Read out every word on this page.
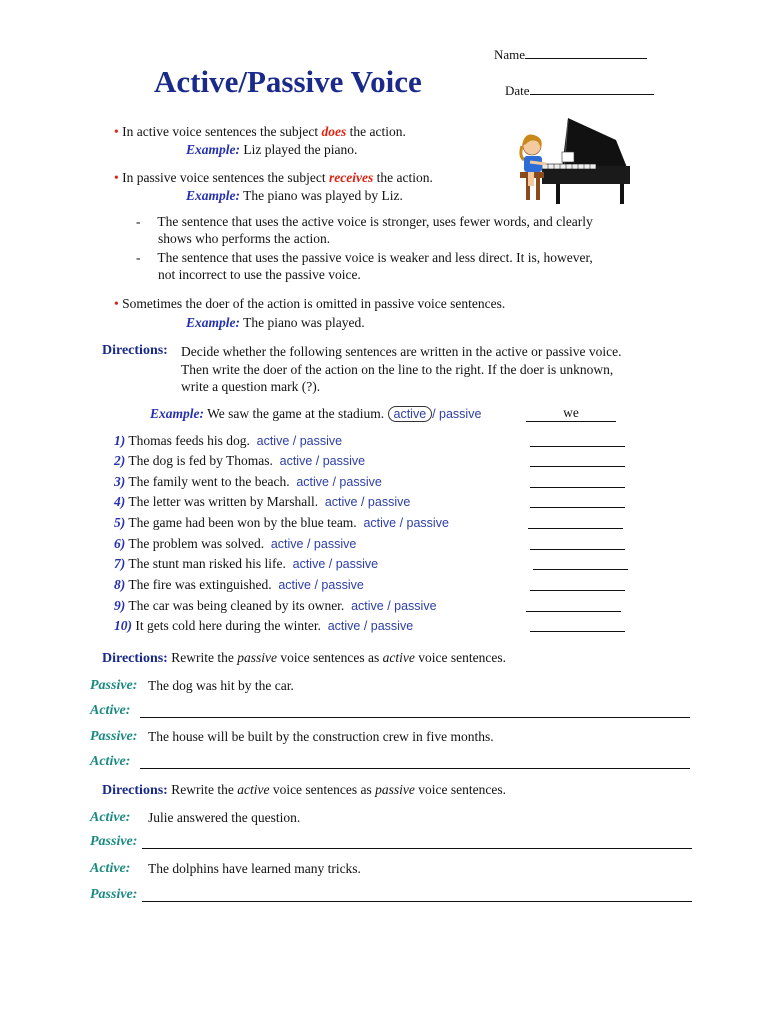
Active/Passive Voice
Name
Date
• In active voice sentences the subject does the action.
Example: Liz played the piano.
• In passive voice sentences the subject receives the action.
Example: The piano was played by Liz.
-     The sentence that uses the active voice is stronger, uses fewer words, and clearly
shows who performs the action.
-     The sentence that uses the passive voice is weaker and less direct. It is, however,
not incorrect to use the passive voice.
• Sometimes the doer of the action is omitted in passive voice sentences.
Example: The piano was played.
Directions: Decide whether the following sentences are written in the active or passive voice.
Then write the doer of the action on the line to the right. If the doer is unknown,
write a question mark (?).
Example: We saw the game at the stadium. active / passive	we
1) Thomas feeds his dog. active / passive
2) The dog is fed by Thomas. active / passive
3) The family went to the beach. active / passive
4) The letter was written by Marshall. active / passive
5) The game had been won by the blue team. active / passive
6) The problem was solved. active / passive
7) The stunt man risked his life. active / passive
8) The fire was extinguished. active / passive
9) The car was being cleaned by its owner. active / passive
10) It gets cold here during the winter. active / passive
Directions: Rewrite the passive voice sentences as active voice sentences.
Passive: The dog was hit by the car.
Active:
Passive: The house will be built by the construction crew in five months.
Active:
Directions: Rewrite the active voice sentences as passive voice sentences.
Active: Julie answered the question.
Passive:
Active: The dolphins have learned many tricks.
Passive:
